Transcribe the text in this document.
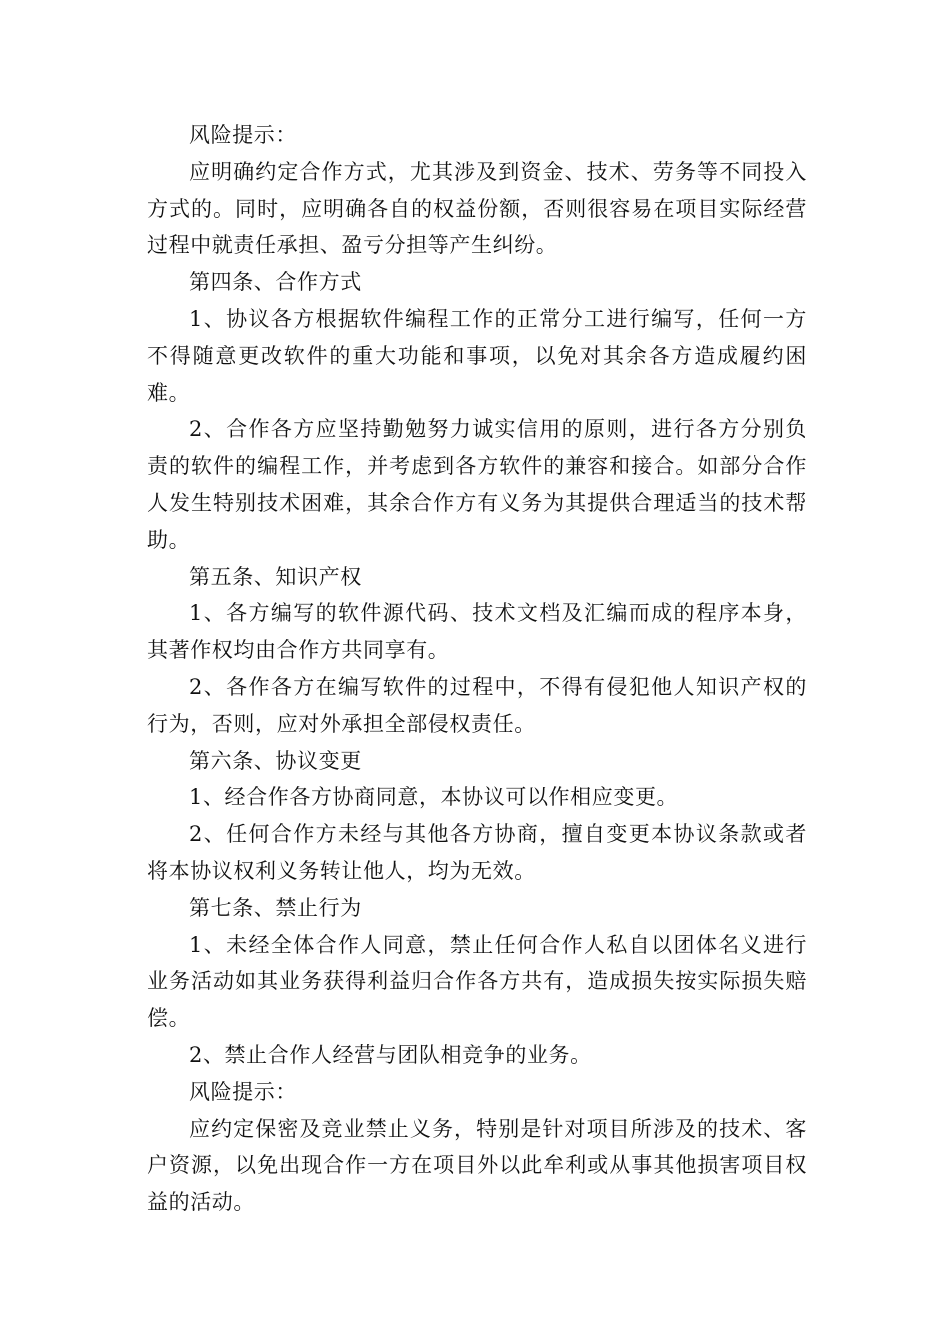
风险提示：

应明确约定合作方式，尤其涉及到资金、技术、劳务等不同投入方式的。同时，应明确各自的权益份额，否则很容易在项目实际经营过程中就责任承担、盈亏分担等产生纠纷。

第四条、合作方式

1、协议各方根据软件编程工作的正常分工进行编写，任何一方不得随意更改软件的重大功能和事项，以免对其余各方造成履约困难。

2、合作各方应坚持勤勉努力诚实信用的原则，进行各方分别负责的软件的编程工作，并考虑到各方软件的兼容和接合。如部分合作人发生特别技术困难，其余合作方有义务为其提供合理适当的技术帮助。

第五条、知识产权

1、各方编写的软件源代码、技术文档及汇编而成的程序本身，其著作权均由合作方共同享有。

2、各作各方在编写软件的过程中，不得有侵犯他人知识产权的行为，否则，应对外承担全部侵权责任。

第六条、协议变更

1、经合作各方协商同意，本协议可以作相应变更。

2、任何合作方未经与其他各方协商，擅自变更本协议条款或者将本协议权利义务转让他人，均为无效。

第七条、禁止行为

1、未经全体合作人同意，禁止任何合作人私自以团体名义进行业务活动如其业务获得利益归合作各方共有，造成损失按实际损失赔偿。

2、禁止合作人经营与团队相竞争的业务。

风险提示：

应约定保密及竞业禁止义务，特别是针对项目所涉及的技术、客户资源，以免出现合作一方在项目外以此牟利或从事其他损害项目权益的活动。
